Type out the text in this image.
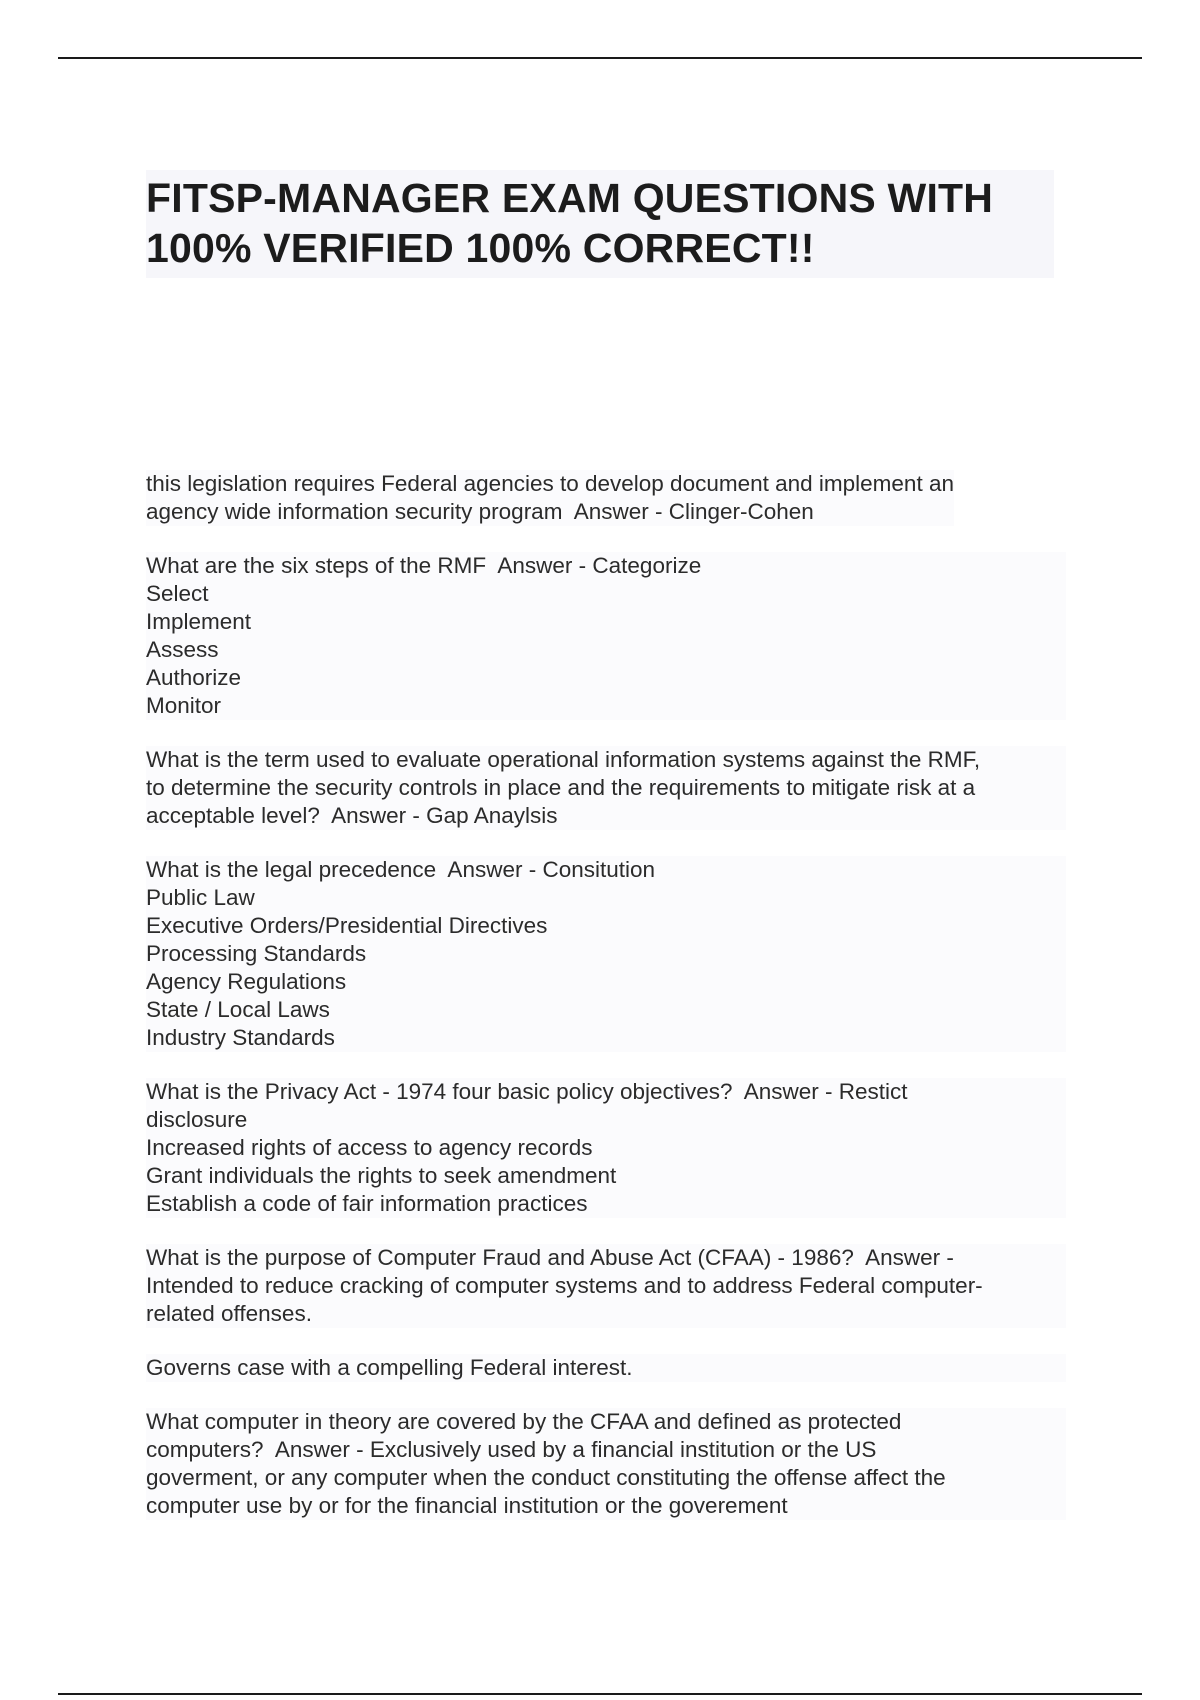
FITSP-MANAGER EXAM QUESTIONS WITH
100% VERIFIED 100% CORRECT!!
this legislation requires Federal agencies to develop document and implement an
agency wide information security program  Answer - Clinger-Cohen
What are the six steps of the RMF  Answer - Categorize
Select
Implement
Assess
Authorize
Monitor
What is the term used to evaluate operational information systems against the RMF,
to determine the security controls in place and the requirements to mitigate risk at a
acceptable level?  Answer - Gap Anaylsis
What is the legal precedence  Answer - Consitution
Public Law
Executive Orders/Presidential Directives
Processing Standards
Agency Regulations
State / Local Laws
Industry Standards
What is the Privacy Act - 1974 four basic policy objectives?  Answer - Restict
disclosure
Increased rights of access to agency records
Grant individuals the rights to seek amendment
Establish a code of fair information practices
What is the purpose of Computer Fraud and Abuse Act (CFAA) - 1986?  Answer -
Intended to reduce cracking of computer systems and to address Federal computer-
related offenses.
Governs case with a compelling Federal interest.
What computer in theory are covered by the CFAA and defined as protected
computers?  Answer - Exclusively used by a financial institution or the US
goverment, or any computer when the conduct constituting the offense affect the
computer use by or for the financial institution or the goverement
